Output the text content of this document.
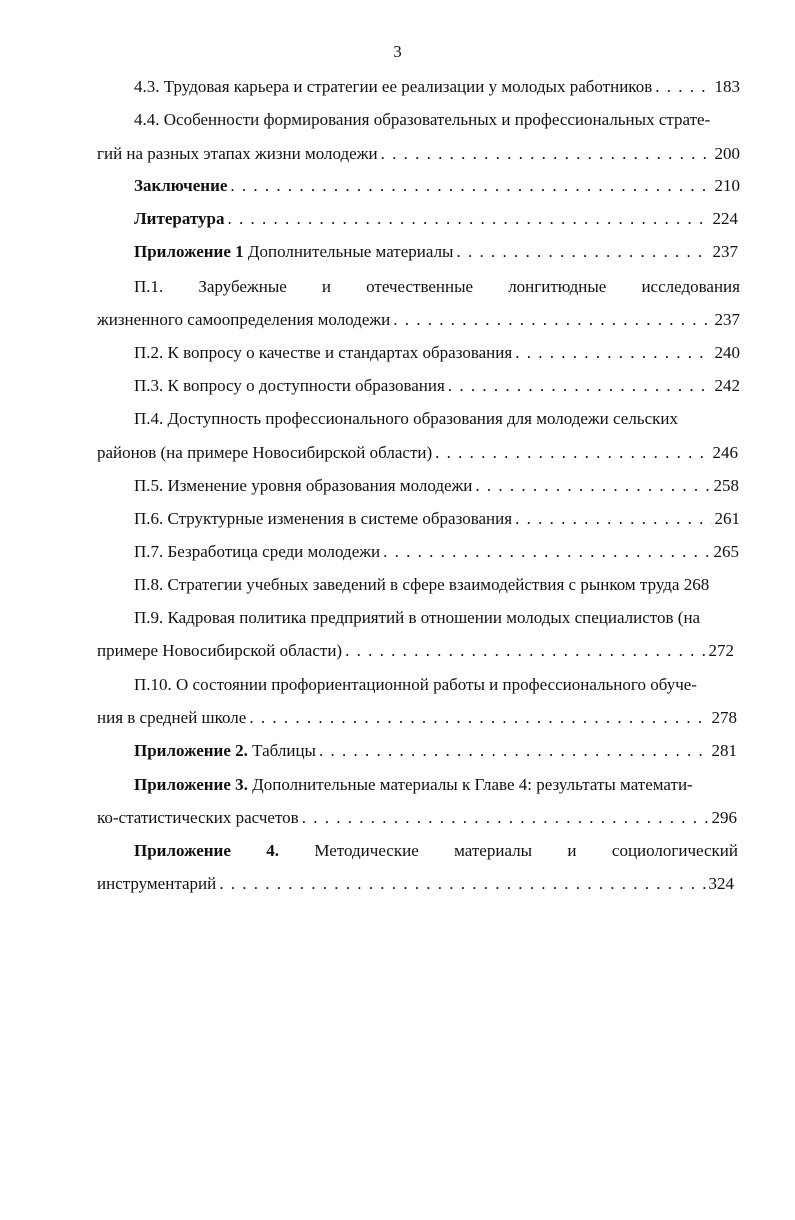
3
4.3. Трудовая карьера и стратегии ее реализации у молодых работников . . .	183
4.4. Особенности формирования образовательных и профессиональных страте-
гий на разных этапах жизни молодежи . . .	200
Заключение . . .	210
Литература . . .	224
Приложение 1 Дополнительные материалы . . .	237
П.1. Зарубежные и отечественные лонгитюдные исследования
жизненного самоопределения молодежи . . .	237
П.2. К вопросу о качестве и стандартах образования . . .	240
П.3. К вопросу о доступности образования . . .	242
П.4. Доступность профессионального образования для молодежи сельских
районов (на примере Новосибирской области) . . .	246
П.5. Изменение уровня образования молодежи . . .	258
П.6. Структурные изменения в системе образования . . .	261
П.7. Безработица среди молодежи . . .	265
П.8. Стратегии учебных заведений в сфере взаимодействия с рынком труда 268
П.9. Кадровая политика предприятий в отношении молодых специалистов (на
примере Новосибирской области) . . .	272
П.10. О состоянии профориентационной работы и профессионального обуче-
ния в средней школе . . .	278
Приложение 2. Таблицы . . .	281
Приложение 3. Дополнительные материалы к Главе 4: результаты математи-
ко-статистических расчетов . . .	296
Приложение 4. Методические материалы и социологический
инструментарий . . .	324
